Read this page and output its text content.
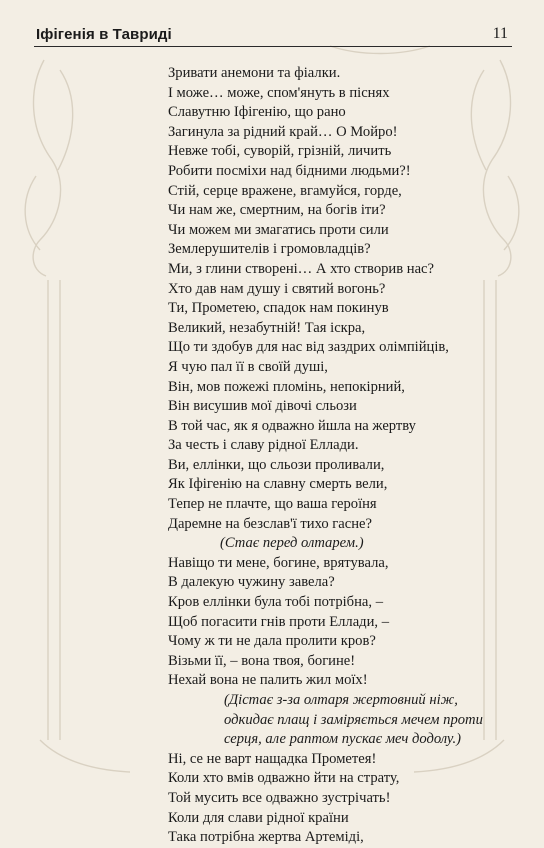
Іфігенія в Тавриді	11
Зривати анемони та фіалки.
І може… може, спом'януть в піснях
Славутню Іфігенію, що рано
Загинула за рідний край… О Мойро!
Невже тобі, суворій, грізній, личить
Робити посміхи над бідними людьми?!
Стій, серце вражене, вгамуйся, горде,
Чи нам же, смертним, на богів іти?
Чи можем ми змагатись проти сили
Землерушителів і громовладців?
Ми, з глини створені… А хто створив нас?
Хто дав нам душу і святий вогонь?
Ти, Прометею, спадок нам покинув
Великий, незабутній! Тая іскра,
Що ти здобув для нас від заздрих олімпійців,
Я чую пал її в своїй душі,
Він, мов пожежі пломінь, непокірний,
Він висушив мої дівочі сльози
В той час, як я одважно йшла на жертву
За честь і славу рідної Еллади.
Ви, еллінки, що сльози проливали,
Як Іфігенію на славну смерть вели,
Тепер не плачте, що ваша героїня
Даремне на безслав'ї тихо гасне?
(Стає перед олтарем.)
Навіщо ти мене, богине, врятувала,
В далекую чужину завела?
Кров еллінки була тобі потрібна, –
Щоб погасити гнів проти Еллади, –
Чому ж ти не дала пролити кров?
Візьми її, – вона твоя, богине!
Нехай вона не палить жил моїх!
(Дістає з-за олтаря жертовний ніж,
одкидає плащ і заміряється мечем проти
серця, але раптом пускає меч додолу.)
Ні, се не варт нащадка Прометея!
Коли хто вмів одважно йти на страту,
Той мусить все одважно зустрічать!
Коли для слави рідної країни
Така потрібна жертва Артеміді,
